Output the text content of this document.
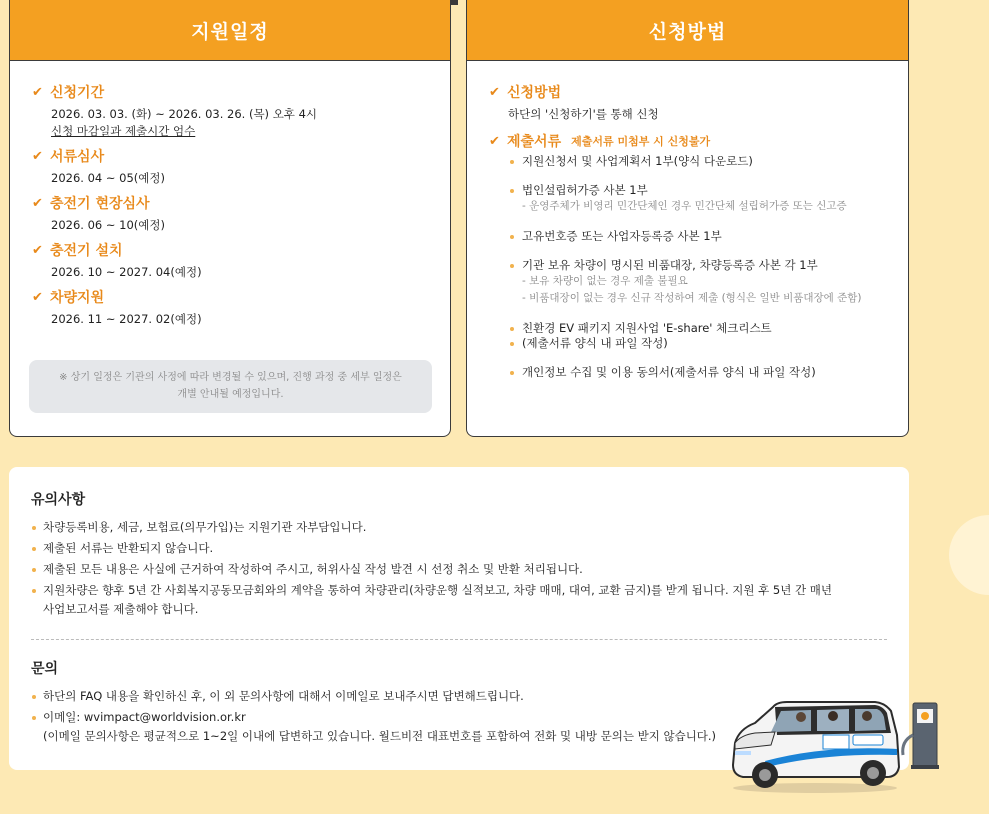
지원일정
✔ 신청기간
2026. 03. 03. (화) ~ 2026. 03. 26. (목) 오후 4시
신청 마감일과 제출시간 엄수
✔ 서류심사
2026. 04 ~ 05(예정)
✔ 충전기 현장심사
2026. 06 ~ 10(예정)
✔ 충전기 설치
2026. 10 ~ 2027. 04(예정)
✔ 차량지원
2026. 11 ~ 2027. 02(예정)
※ 상기 일정은 기관의 사정에 따라 변경될 수 있으며, 진행 과정 중 세부 일정은
개별 안내될 예정입니다.
신청방법
✔ 신청방법
하단의 '신청하기'를 통해 신청
✔ 제출서류 제출서류 미첨부 시 신청불가
지원신청서 및 사업계획서 1부(양식 다운로드)
법인설립허가증 사본 1부
- 운영주체가 비영리 민간단체인 경우 민간단체 설립허가증 또는 신고증
고유번호증 또는 사업자등록증 사본 1부
기관 보유 차량이 명시된 비품대장, 차량등록증 사본 각 1부
- 보유 차량이 없는 경우 제출 불필요
- 비품대장이 없는 경우 신규 작성하여 제출 (형식은 일반 비품대장에 준함)
친환경 EV 패키지 지원사업 'E-share' 체크리스트
(제출서류 양식 내 파일 작성)
개인정보 수집 및 이용 동의서(제출서류 양식 내 파일 작성)
유의사항
차량등록비용, 세금, 보험료(의무가입)는 지원기관 자부담입니다.
제출된 서류는 반환되지 않습니다.
제출된 모든 내용은 사실에 근거하여 작성하여 주시고, 허위사실 작성 발견 시 선정 취소 및 반환 처리됩니다.
지원차량은 향후 5년 간 사회복지공동모금회와의 계약을 통하여 차량관리(차량운행 실적보고, 차량 매매, 대여, 교환 금지)를 받게 됩니다. 지원 후 5년 간 매년
사업보고서를 제출해야 합니다.
문의
하단의 FAQ 내용을 확인하신 후, 이 외 문의사항에 대해서 이메일로 보내주시면 답변해드립니다.
이메일: wvimpact@worldvision.or.kr
(이메일 문의사항은 평균적으로 1~2일 이내에 답변하고 있습니다. 월드비전 대표번호를 포함하여 전화 및 내방 문의는 받지 않습니다.)
